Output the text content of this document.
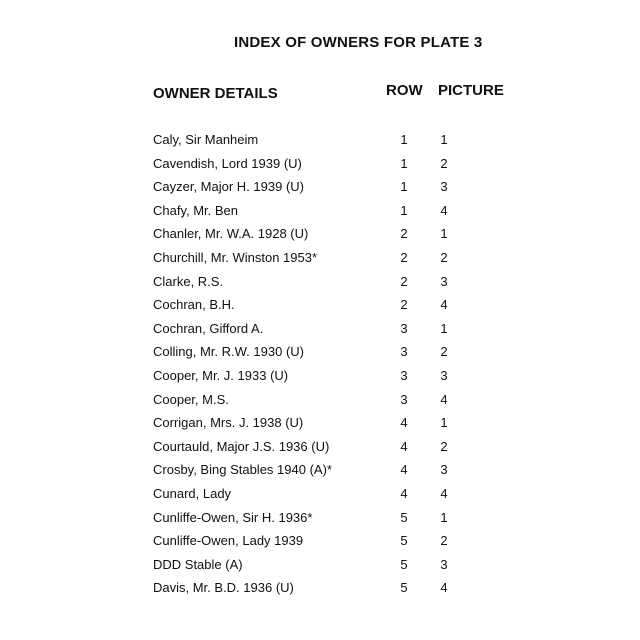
INDEX OF OWNERS FOR PLATE 3
OWNER DETAILS	ROW PICTURE
Caly, Sir Manheim	1	1
Cavendish, Lord 1939 (U)	1	2
Cayzer, Major H. 1939 (U)	1	3
Chafy, Mr. Ben	1	4
Chanler, Mr. W.A. 1928 (U)	2	1
Churchill, Mr. Winston 1953*	2	2
Clarke, R.S.	2	3
Cochran, B.H.	2	4
Cochran, Gifford A.	3	1
Colling, Mr. R.W. 1930 (U)	3	2
Cooper, Mr. J. 1933 (U)	3	3
Cooper, M.S.	3	4
Corrigan, Mrs. J. 1938 (U)	4	1
Courtauld, Major J.S. 1936 (U)	4	2
Crosby, Bing Stables 1940 (A)*	4	3
Cunard, Lady	4	4
Cunliffe-Owen, Sir H. 1936*	5	1
Cunliffe-Owen, Lady 1939	5	2
DDD Stable (A)	5	3
Davis, Mr. B.D. 1936 (U)	5	4
